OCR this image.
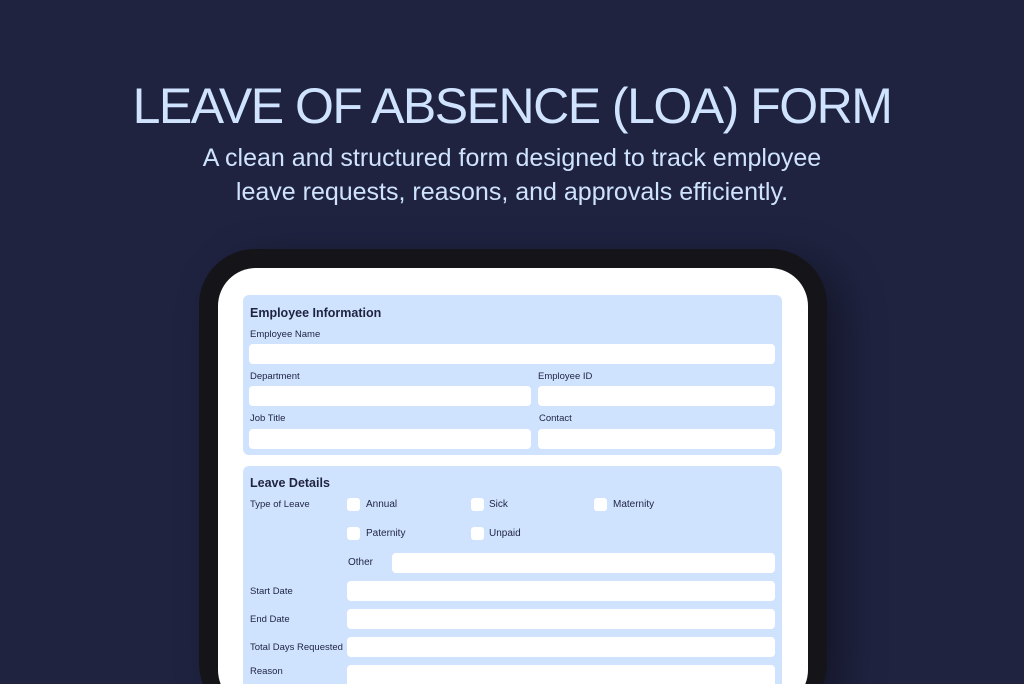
LEAVE OF ABSENCE (LOA) FORM

A clean and structured form designed to track employee
leave requests, reasons, and approvals efficiently.

Employee Information
Employee Name
Department	Employee ID
Job Title	Contact
Leave Details
Type of Leave	Annual	Sick	Maternity
Paternity	Unpaid
Other
Start Date
End Date
Total Days Requested
Reason
